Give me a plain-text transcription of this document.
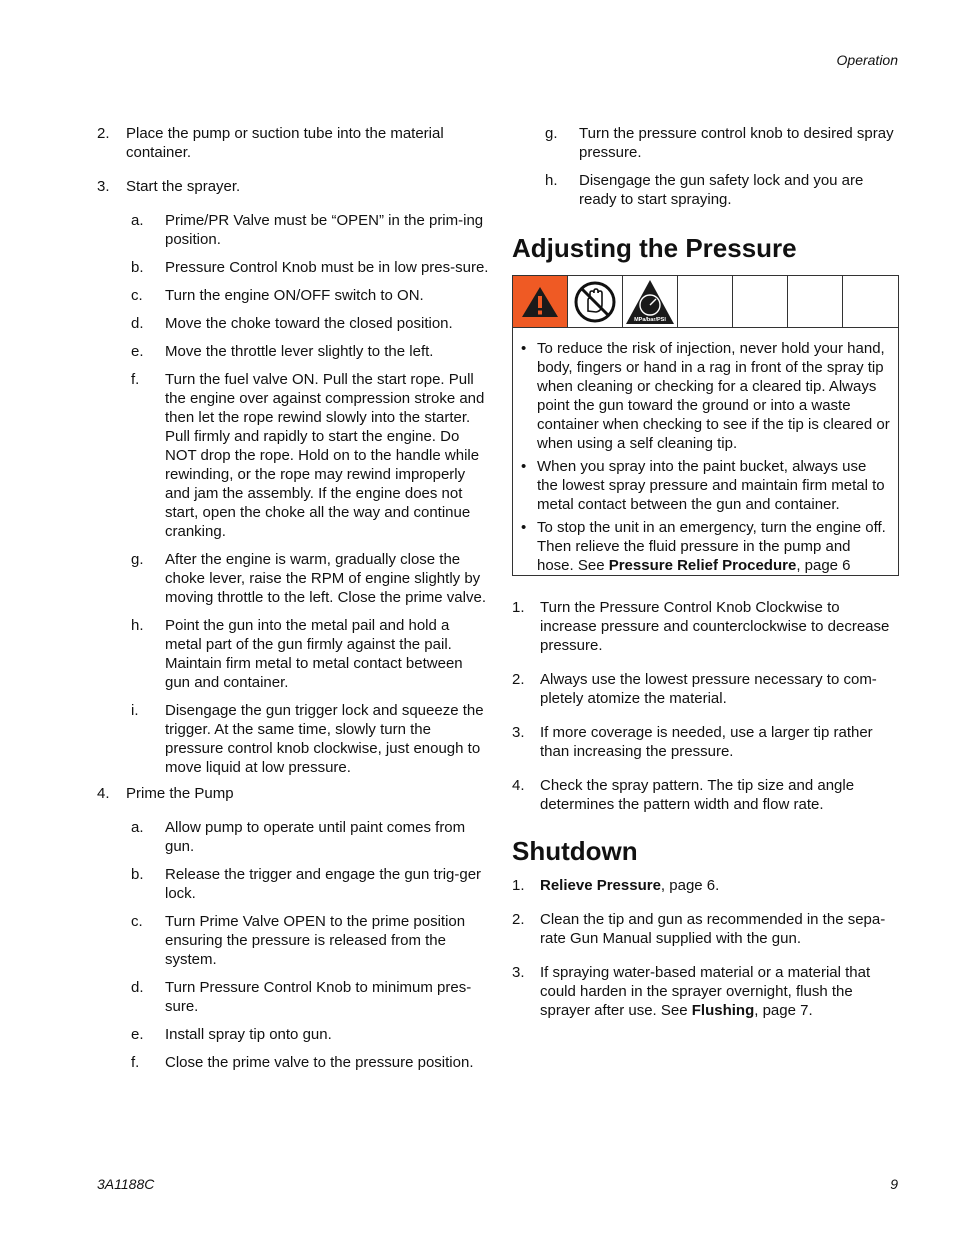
Operation
2. Place the pump or suction tube into the material container.
3. Start the sprayer.
a. Prime/PR Valve must be “OPEN” in the prim-ing position.
b. Pressure Control Knob must be in low pres-sure.
c. Turn the engine ON/OFF switch to ON.
d. Move the choke toward the closed position.
e. Move the throttle lever slightly to the left.
f. Turn the fuel valve ON. Pull the start rope. Pull the engine over against compression stroke and then let the rope rewind slowly into the starter. Pull firmly and rapidly to start the engine. Do NOT drop the rope. Hold on to the handle while rewinding, or the rope may rewind improperly and jam the assembly. If the engine does not start, open the choke all the way and continue cranking.
g. After the engine is warm, gradually close the choke lever, raise the RPM of engine slightly by moving throttle to the left. Close the prime valve.
h. Point the gun into the metal pail and hold a metal part of the gun firmly against the pail. Maintain firm metal to metal contact between gun and container.
i. Disengage the gun trigger lock and squeeze the trigger. At the same time, slowly turn the pressure control knob clockwise, just enough to move liquid at low pressure.
4. Prime the Pump
a. Allow pump to operate until paint comes from gun.
b. Release the trigger and engage the gun trig-ger lock.
c. Turn Prime Valve OPEN to the prime position ensuring the pressure is released from the system.
d. Turn Pressure Control Knob to minimum pres-sure.
e. Install spray tip onto gun.
f. Close the prime valve to the pressure position.
g. Turn the pressure control knob to desired spray pressure.
h. Disengage the gun safety lock and you are ready to start spraying.
Adjusting the Pressure
MPa/bar/PSI
• To reduce the risk of injection, never hold your hand, body, fingers or hand in a rag in front of the spray tip when cleaning or checking for a cleared tip. Always point the gun toward the ground or into a waste container when checking to see if the tip is cleared or when using a self cleaning tip.
• When you spray into the paint bucket, always use the lowest spray pressure and maintain firm metal to metal contact between the gun and container.
• To stop the unit in an emergency, turn the engine off. Then relieve the fluid pressure in the pump and hose. See Pressure Relief Procedure, page 6
1. Turn the Pressure Control Knob Clockwise to increase pressure and counterclockwise to decrease pressure.
2. Always use the lowest pressure necessary to com-pletely atomize the material.
3. If more coverage is needed, use a larger tip rather than increasing the pressure.
4. Check the spray pattern. The tip size and angle determines the pattern width and flow rate.
Shutdown
1. Relieve Pressure, page 6.
2. Clean the tip and gun as recommended in the sepa-rate Gun Manual supplied with the gun.
3. If spraying water-based material or a material that could harden in the sprayer overnight, flush the sprayer after use. See Flushing, page 7.
3A1188C	9
